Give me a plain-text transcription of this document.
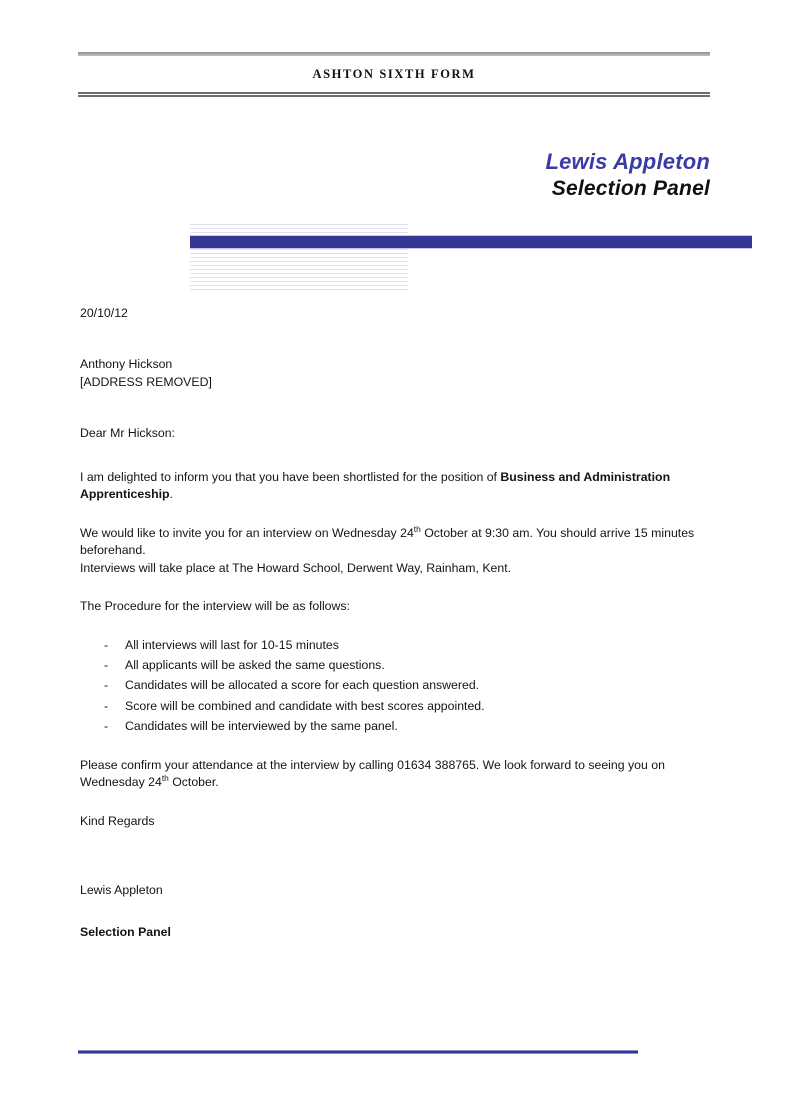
ASHTON SIXTH FORM
Lewis Appleton
Selection Panel
20/10/12
Anthony Hickson
[ADDRESS REMOVED]
Dear Mr Hickson:

I am delighted to inform you that you have been shortlisted for the position of Business and Administration Apprenticeship.

We would like to invite you for an interview on Wednesday 24th October at 9:30 am. You should arrive 15 minutes beforehand.
Interviews will take place at The Howard School, Derwent Way, Rainham, Kent.

The Procedure for the interview will be as follows:

- All interviews will last for 10-15 minutes
- All applicants will be asked the same questions.
- Candidates will be allocated a score for each question answered.
- Score will be combined and candidate with best scores appointed.
- Candidates will be interviewed by the same panel.

Please confirm your attendance at the interview by calling 01634 388765. We look forward to seeing you on Wednesday 24th October.

Kind Regards
Lewis Appleton
Selection Panel
